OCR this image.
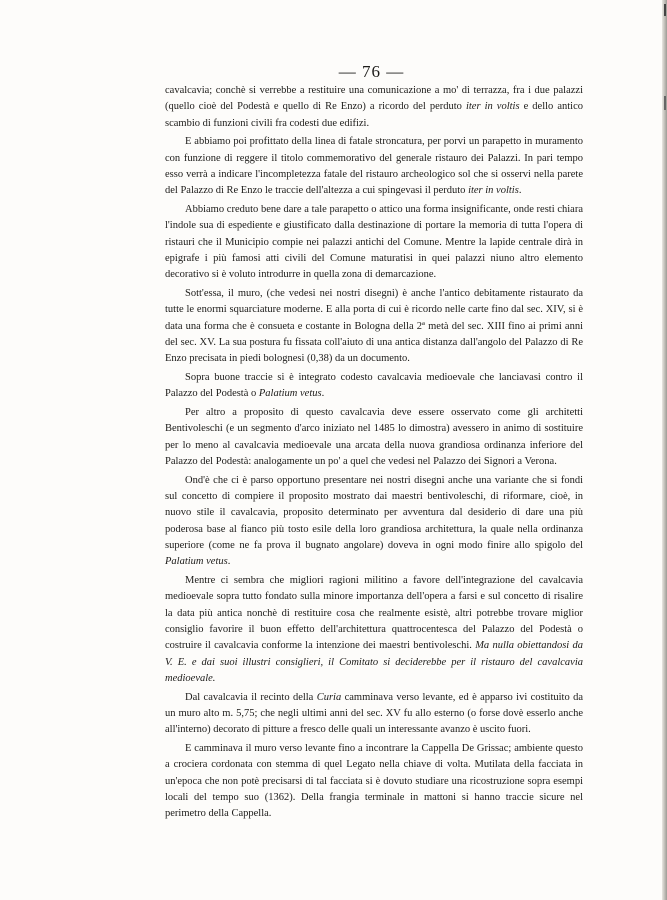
— 76 —

cavalcavia; conchè si verrebbe a restituire una comunicazione a mo' di terrazza, fra i due palazzi (quello cioè del Podestà e quello di Re Enzo) a ricordo del perduto iter in voltis e dello antico scambio di funzioni civili fra codesti due edifizi.

E abbiamo poi profittato della linea di fatale stroncatura, per porvi un parapetto in muramento con funzione di reggere il titolo commemorativo del generale ristauro dei Palazzi. In pari tempo esso verrà a indicare l'incompletezza fatale del ristauro archeologico sol che si osservi nella parete del Palazzo di Re Enzo le traccie dell'altezza a cui spingevasi il perduto iter in voltis.

Abbiamo creduto bene dare a tale parapetto o attico una forma insignificante, onde resti chiara l'indole sua di espediente e giustificato dalla destinazione di portare la memoria di tutta l'opera di ristauri che il Municipio compie nei palazzi antichi del Comune. Mentre la lapide centrale dirà in epigrafe i più famosi atti civili del Comune maturatisi in quei palazzi niuno altro elemento decorativo si è voluto introdurre in quella zona di demarcazione.

Sott'essa, il muro, (che vedesi nei nostri disegni) è anche l'antico debitamente ristaurato da tutte le enormi squarciature moderne. E alla porta di cui è ricordo nelle carte fino dal sec. XIV, si è data una forma che è consueta e costante in Bologna della 2ª metà del sec. XIII fino ai primi anni del sec. XV. La sua postura fu fissata coll'aiuto di una antica distanza dall'angolo del Palazzo di Re Enzo precisata in piedi bolognesi (0,38) da un documento.

Sopra buone traccie si è integrato codesto cavalcavia medioevale che lanciavasi contro il Palazzo del Podestà o Palatium vetus.

Per altro a proposito di questo cavalcavia deve essere osservato come gli architetti Bentivoleschi (e un segmento d'arco iniziato nel 1485 lo dimostra) avessero in animo di sostituire per lo meno al cavalcavia medioevale una arcata della nuova grandiosa ordinanza inferiore del Palazzo del Podestà: analogamente un po' a quel che vedesi nel Palazzo dei Signori a Verona.

Ond'è che ci è parso opportuno presentare nei nostri disegni anche una variante che si fondi sul concetto di compiere il proposito mostrato dai maestri bentivoleschi, di riformare, cioè, in nuovo stile il cavalcavia, proposito determinato per avventura dal desiderio di dare una più poderosa base al fianco più tosto esile della loro grandiosa architettura, la quale nella ordinanza superiore (come ne fa prova il bugnato angolare) doveva in ogni modo finire allo spigolo del Palatium vetus.

Mentre ci sembra che migliori ragioni militino a favore dell'integrazione del cavalcavia medioevale sopra tutto fondato sulla minore importanza dell'opera a farsi e sul concetto di risalire la data più antica nonchè di restituire cosa che realmente esistè, altri potrebbe trovare miglior consiglio favorire il buon effetto dell'architettura quattrocentesca del Palazzo del Podestà o costruire il cavalcavia conforme la intenzione dei maestri bentivoleschi. Ma nulla obiettandosi da V. E. e dai suoi illustri consiglieri, il Comitato si deciderebbe per il ristauro del cavalcavia medioevale.

Dal cavalcavia il recinto della Curia camminava verso levante, ed è apparso ivi costituito da un muro alto m. 5,75; che negli ultimi anni del sec. XV fu allo esterno (o forse dovè esserlo anche all'interno) decorato di pitture a fresco delle quali un interessante avanzo è uscito fuori.

E camminava il muro verso levante fino a incontrare la Cappella De Grissac; ambiente questo a crociera cordonata con stemma di quel Legato nella chiave di volta. Mutilata della facciata in un'epoca che non potè precisarsi di tal facciata si è dovuto studiare una ricostruzione sopra esempi locali del tempo suo (1362). Della frangia terminale in mattoni si hanno traccie sicure nel perimetro della Cappella.
